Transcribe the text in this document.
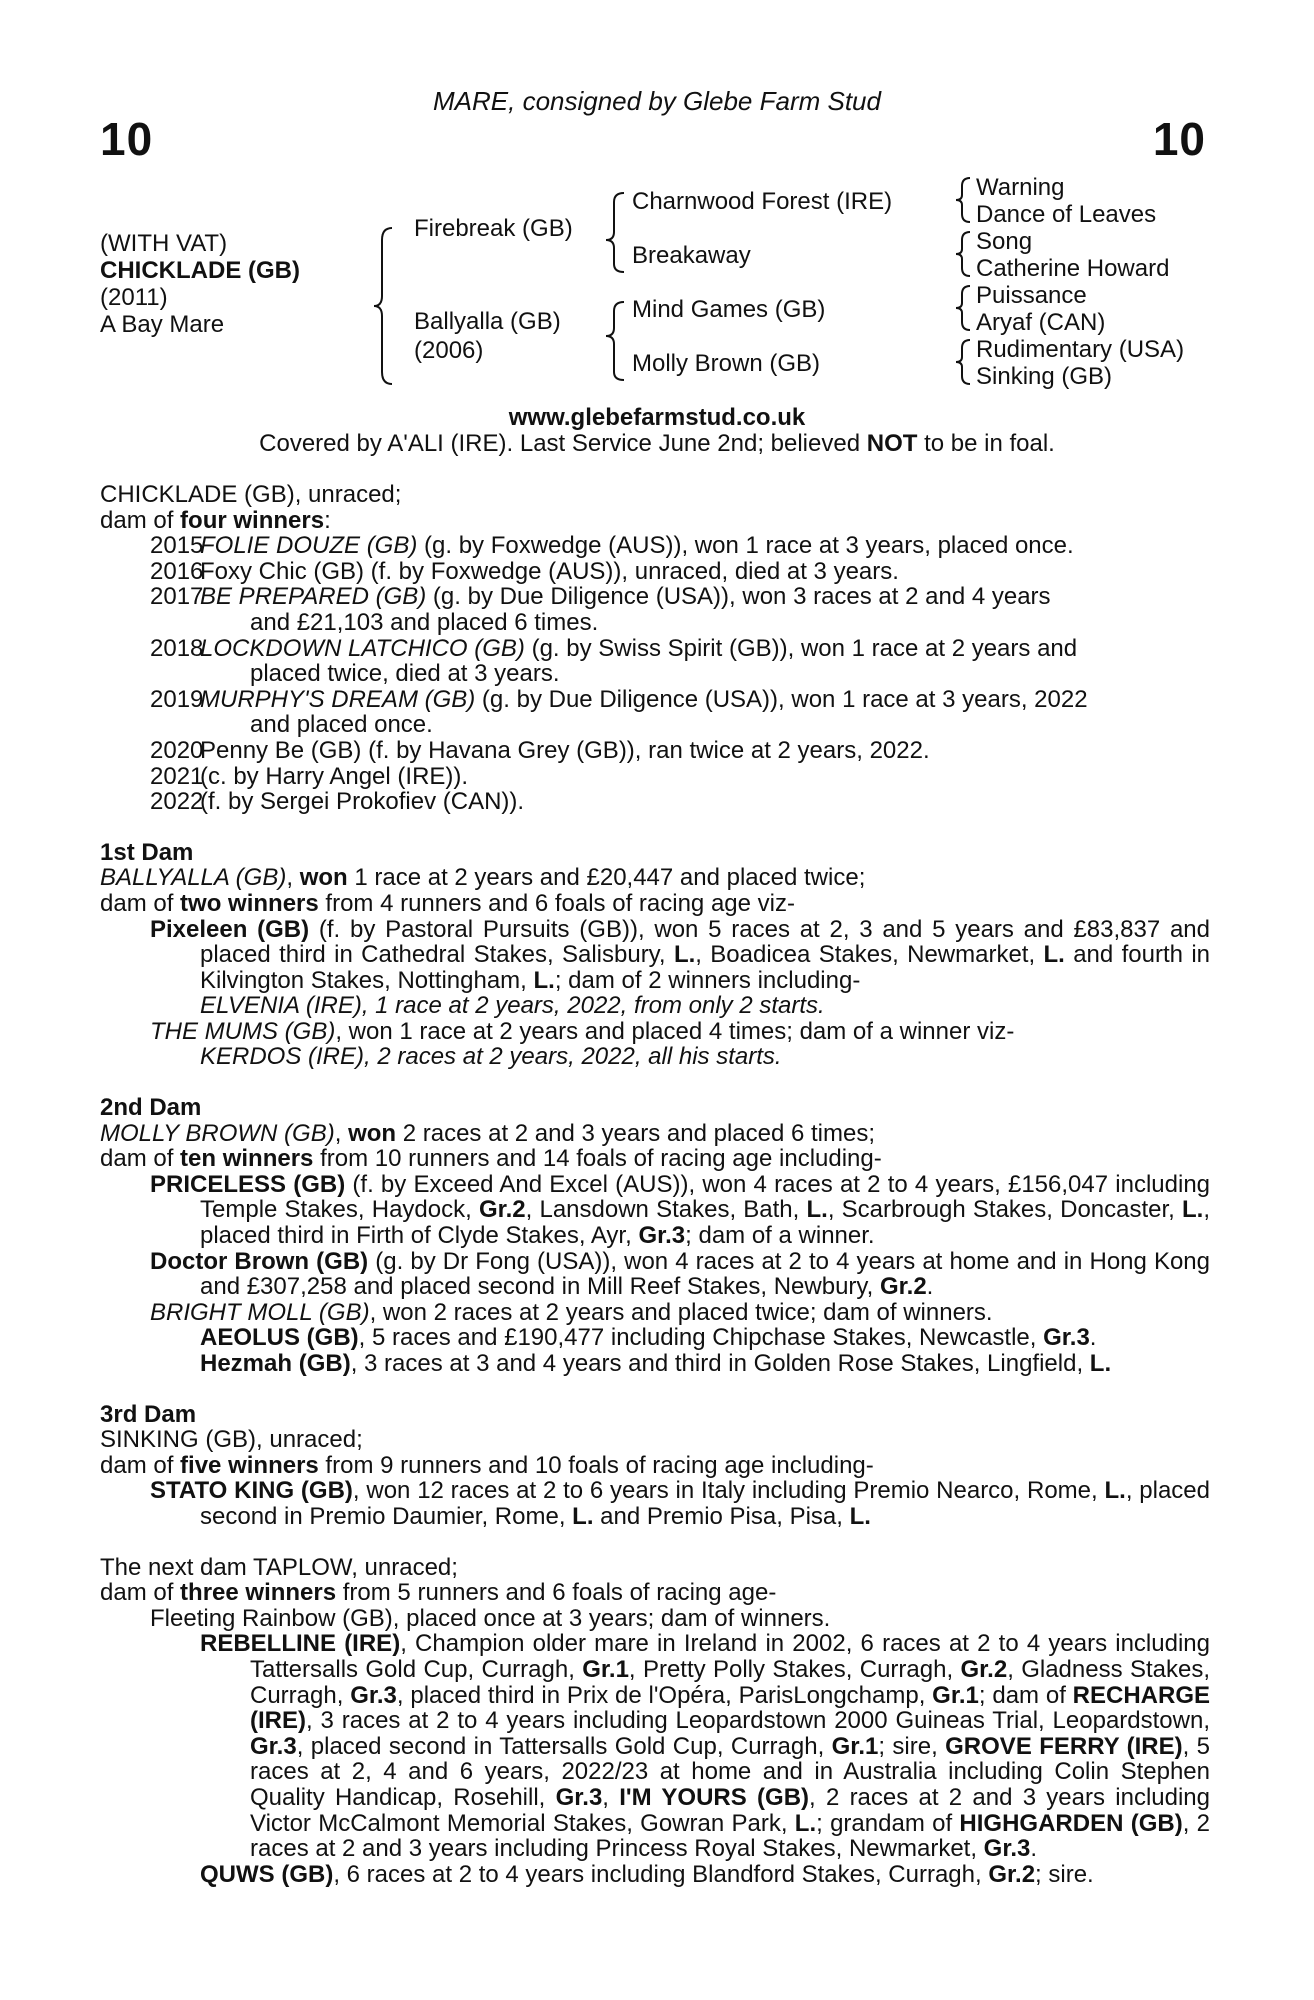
10
MARE, consigned by Glebe Farm Stud
10
(WITH VAT)
CHICKLADE (GB)
(2011)
A Bay Mare
Firebreak (GB)
Ballyalla (GB)
(2006)
Charnwood Forest (IRE)
Breakaway
Mind Games (GB)
Molly Brown (GB)
Warning
Dance of Leaves
Song
Catherine Howard
Puissance
Aryaf (CAN)
Rudimentary (USA)
Sinking (GB)
www.glebefarmstud.co.uk
Covered by A'ALI (IRE). Last Service June 2nd; believed NOT to be in foal.

CHICKLADE (GB), unraced;

dam of four winners:

2015
FOLIE DOUZE (GB) (g. by Foxwedge (AUS)), won 1 race at 3 years, placed once.
2016
Foxy Chic (GB) (f. by Foxwedge (AUS)), unraced, died at 3 years.
2017
BE PREPARED (GB) (g. by Due Diligence (USA)), won 3 races at 2 and 4 years
and £21,103 and placed 6 times.
2018
LOCKDOWN LATCHICO (GB) (g. by Swiss Spirit (GB)), won 1 race at 2 years and
placed twice, died at 3 years.
2019
MURPHY'S DREAM (GB) (g. by Due Diligence (USA)), won 1 race at 3 years, 2022
and placed once.
2020
Penny Be (GB) (f. by Havana Grey (GB)), ran twice at 2 years, 2022.
2021
(c. by Harry Angel (IRE)).
2022
(f. by Sergei Prokofiev (CAN)).

1st Dam

BALLYALLA (GB), won 1 race at 2 years and £20,447 and placed twice;

dam of two winners from 4 runners and 6 foals of racing age viz-

Pixeleen (GB) (f. by Pastoral Pursuits (GB)), won 5 races at 2, 3 and 5 years and £83,837 and placed third in Cathedral Stakes, Salisbury, L., Boadicea Stakes, Newmarket, L. and fourth in Kilvington Stakes, Nottingham, L.; dam of 2 winners including-

ELVENIA (IRE), 1 race at 2 years, 2022, from only 2 starts.

THE MUMS (GB), won 1 race at 2 years and placed 4 times; dam of a winner viz-

KERDOS (IRE), 2 races at 2 years, 2022, all his starts.

2nd Dam

MOLLY BROWN (GB), won 2 races at 2 and 3 years and placed 6 times;

dam of ten winners from 10 runners and 14 foals of racing age including-

PRICELESS (GB) (f. by Exceed And Excel (AUS)), won 4 races at 2 to 4 years, £156,047 including Temple Stakes, Haydock, Gr.2, Lansdown Stakes, Bath, L., Scarbrough Stakes, Doncaster, L., placed third in Firth of Clyde Stakes, Ayr, Gr.3; dam of a winner.

Doctor Brown (GB) (g. by Dr Fong (USA)), won 4 races at 2 to 4 years at home and in Hong Kong and £307,258 and placed second in Mill Reef Stakes, Newbury, Gr.2.

BRIGHT MOLL (GB), won 2 races at 2 years and placed twice; dam of winners.

AEOLUS (GB), 5 races and £190,477 including Chipchase Stakes, Newcastle, Gr.3.

Hezmah (GB), 3 races at 3 and 4 years and third in Golden Rose Stakes, Lingfield, L.

3rd Dam

SINKING (GB), unraced;

dam of five winners from 9 runners and 10 foals of racing age including-

STATO KING (GB), won 12 races at 2 to 6 years in Italy including Premio Nearco, Rome, L., placed second in Premio Daumier, Rome, L. and Premio Pisa, Pisa, L.

The next dam TAPLOW, unraced;

dam of three winners from 5 runners and 6 foals of racing age-

Fleeting Rainbow (GB), placed once at 3 years; dam of winners.

REBELLINE (IRE), Champion older mare in Ireland in 2002, 6 races at 2 to 4 years including Tattersalls Gold Cup, Curragh, Gr.1, Pretty Polly Stakes, Curragh, Gr.2, Gladness Stakes, Curragh, Gr.3, placed third in Prix de l'Opéra, ParisLongchamp, Gr.1; dam of RECHARGE (IRE), 3 races at 2 to 4 years including Leopardstown 2000 Guineas Trial, Leopardstown, Gr.3, placed second in Tattersalls Gold Cup, Curragh, Gr.1; sire, GROVE FERRY (IRE), 5 races at 2, 4 and 6 years, 2022/23 at home and in Australia including Colin Stephen Quality Handicap, Rosehill, Gr.3, I'M YOURS (GB), 2 races at 2 and 3 years including Victor McCalmont Memorial Stakes, Gowran Park, L.; grandam of HIGHGARDEN (GB), 2 races at 2 and 3 years including Princess Royal Stakes, Newmarket, Gr.3.

QUWS (GB), 6 races at 2 to 4 years including Blandford Stakes, Curragh, Gr.2; sire.
